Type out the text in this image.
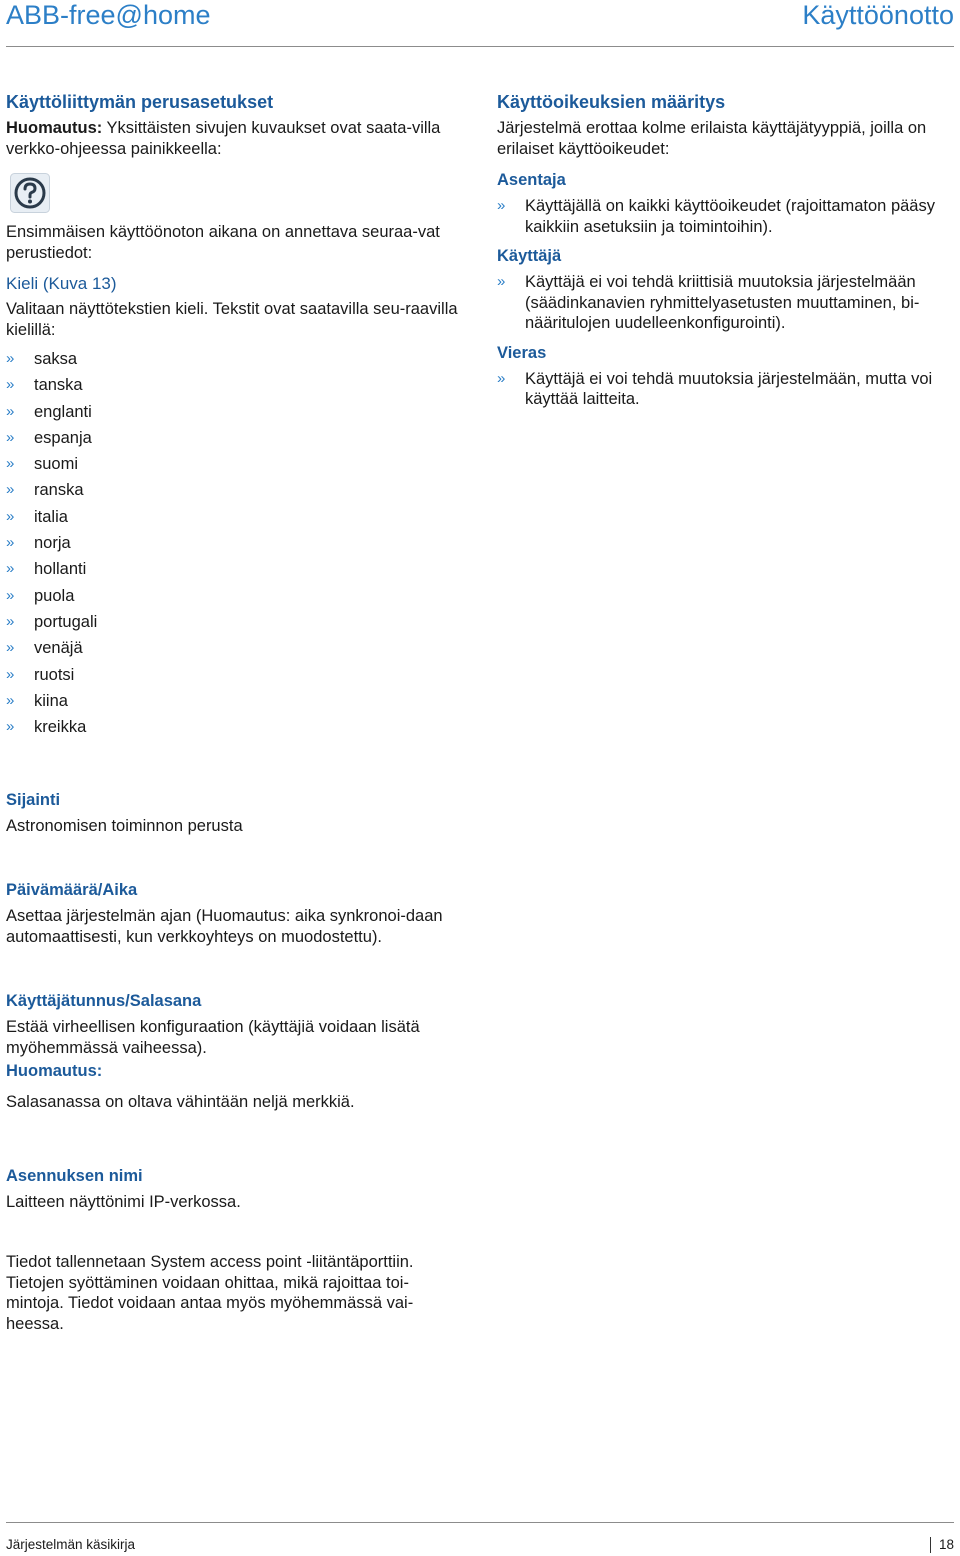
ABB-free@home	Käyttöönotto
Käyttöliittymän perusasetukset

Huomautus: Yksittäisten sivujen kuvaukset ovat saata-villa verkko-ohjeessa painikkeella:

Ensimmäisen käyttöönoton aikana on annettava seuraa-vat perustiedot:

Kieli (Kuva 13)

Valitaan näyttötekstien kieli. Tekstit ovat saatavilla seu-raavilla kielillä:

» saksa
» tanska
» englanti
» espanja
» suomi
» ranska
» italia
» norja
» hollanti
» puola
» portugali
» venäjä
» ruotsi
» kiina
» kreikka

Sijainti

Astronomisen toiminnon perusta

Päivämäärä/Aika

Asettaa järjestelmän ajan (Huomautus: aika synkronoi-daan automaattisesti, kun verkkoyhteys on muodostettu).

Käyttäjätunnus/Salasana

Estää virheellisen konfiguraation (käyttäjiä voidaan lisätä myöhemmässä vaiheessa).

Huomautus:

Salasanassa on oltava vähintään neljä merkkiä.

Asennuksen nimi

Laitteen näyttönimi IP-verkossa.

Tiedot tallennetaan System access point -liitäntäporttiin. Tietojen syöttäminen voidaan ohittaa, mikä rajoittaa toi-mintoja. Tiedot voidaan antaa myös myöhemmässä vai-heessa.

Käyttöoikeuksien määritys

Järjestelmä erottaa kolme erilaista käyttäjätyyppiä, joilla on erilaiset käyttöoikeudet:

Asentaja

» Käyttäjällä on kaikki käyttöoikeudet (rajoittamaton pääsy kaikkiin asetuksiin ja toimintoihin).

Käyttäjä

» Käyttäjä ei voi tehdä kriittisiä muutoksia järjestelmään (säädinkanavien ryhmittelyasetusten muuttaminen, bi-nääritulojen uudelleenkonfigurointi).

Vieras

» Käyttäjä ei voi tehdä muutoksia järjestelmään, mutta voi käyttää laitteita.

Järjestelmän käsikirja	18
